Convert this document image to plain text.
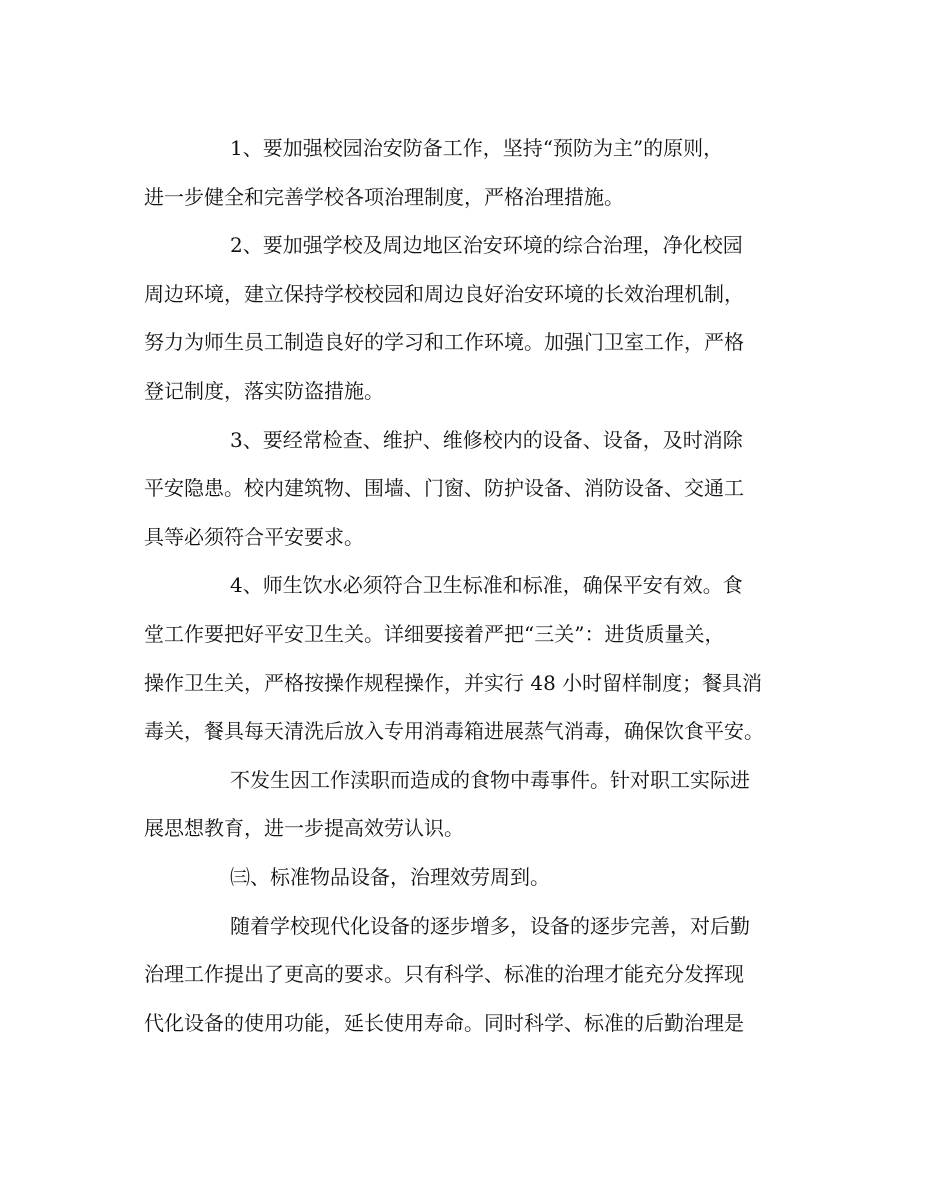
1、要加强校园治安防备工作，坚持“预防为主”的原则，
进一步健全和完善学校各项治理制度，严格治理措施。
2、要加强学校及周边地区治安环境的综合治理，净化校园
周边环境，建立保持学校校园和周边良好治安环境的长效治理机制，
努力为师生员工制造良好的学习和工作环境。加强门卫室工作，严格
登记制度，落实防盗措施。
3、要经常检查、维护、维修校内的设备、设备，及时消除
平安隐患。校内建筑物、围墙、门窗、防护设备、消防设备、交通工
具等必须符合平安要求。
4、师生饮水必须符合卫生标准和标准，确保平安有效。食
堂工作要把好平安卫生关。详细要接着严把“三关”：进货质量关，
操作卫生关，严格按操作规程操作，并实行 48 小时留样制度；餐具消
毒关，餐具每天清洗后放入专用消毒箱进展蒸气消毒，确保饮食平安。
不发生因工作渎职而造成的食物中毒事件。针对职工实际进
展思想教育，进一步提高效劳认识。
㈢、标准物品设备，治理效劳周到。
随着学校现代化设备的逐步增多，设备的逐步完善，对后勤
治理工作提出了更高的要求。只有科学、标准的治理才能充分发挥现
代化设备的使用功能，延长使用寿命。同时科学、标准的后勤治理是
